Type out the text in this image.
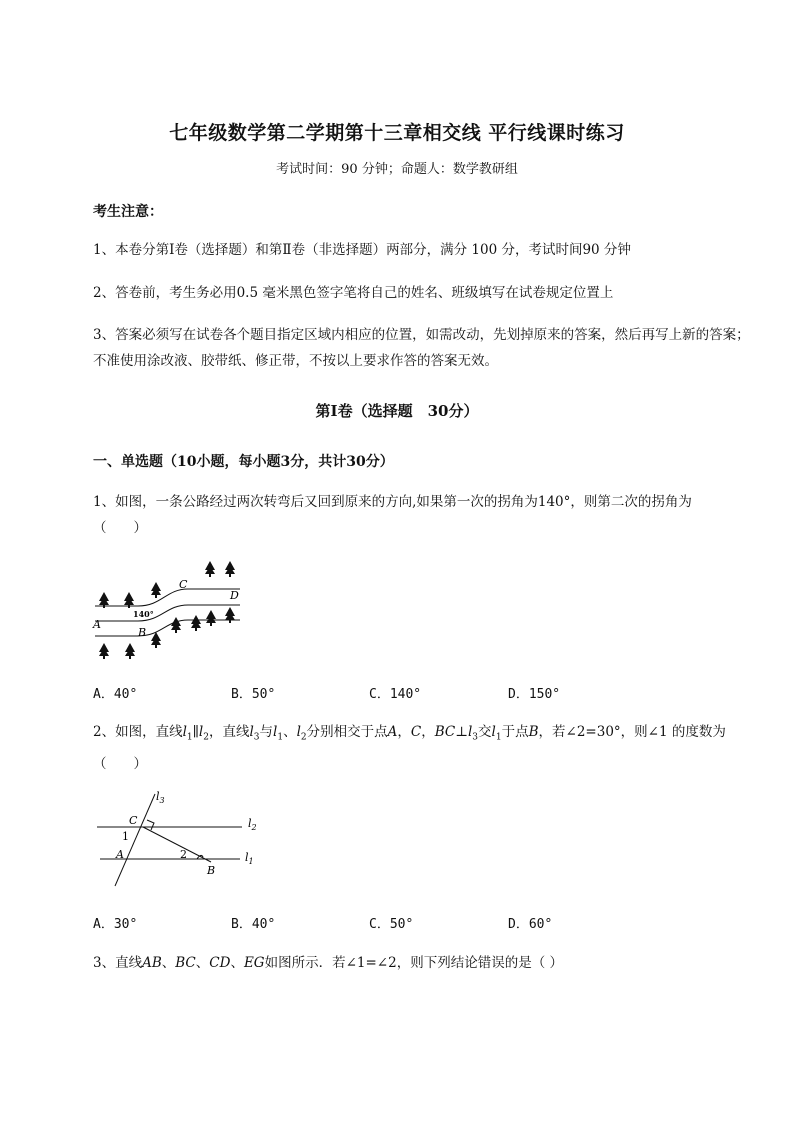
七年级数学第二学期第十三章相交线 平行线课时练习
考试时间：90 分钟；命题人：数学教研组
考生注意：
1、本卷分第Ⅰ卷（选择题）和第Ⅱ卷（非选择题）两部分，满分 100 分，考试时间90 分钟
2、答卷前，考生务必用0.5 毫米黑色签字笔将自己的姓名、班级填写在试卷规定位置上
3、答案必须写在试卷各个题目指定区域内相应的位置，如需改动，先划掉原来的答案，然后再写上新的答案；不准使用涂改液、胶带纸、修正带，不按以上要求作答的答案无效。
第Ⅰ卷（选择题　30分）
一、单选题（10小题，每小题3分，共计30分）
1、如图，一条公路经过两次转弯后又回到原来的方向,如果第一次的拐角为140°，则第二次的拐角为（　　）
140°
A
B
C
D
A．40°	B．50°	C．140°	D．150°
2、如图，直线$l_1\parallel l_2$，直线$l_3$与$l_1$、$l_2$分别相交于点A，C，$BC\perp l_3$交$l_1$于点B，若∠2=30°，则∠1 的度数为（　　）
$l_3$
$l_2$
$l_1$
C
1
A	2
B
A．30°	B．40°	C．50°	D．60°
3、直线AB、BC、CD、EG如图所示．若∠1=∠2，则下列结论错误的是（ ）
